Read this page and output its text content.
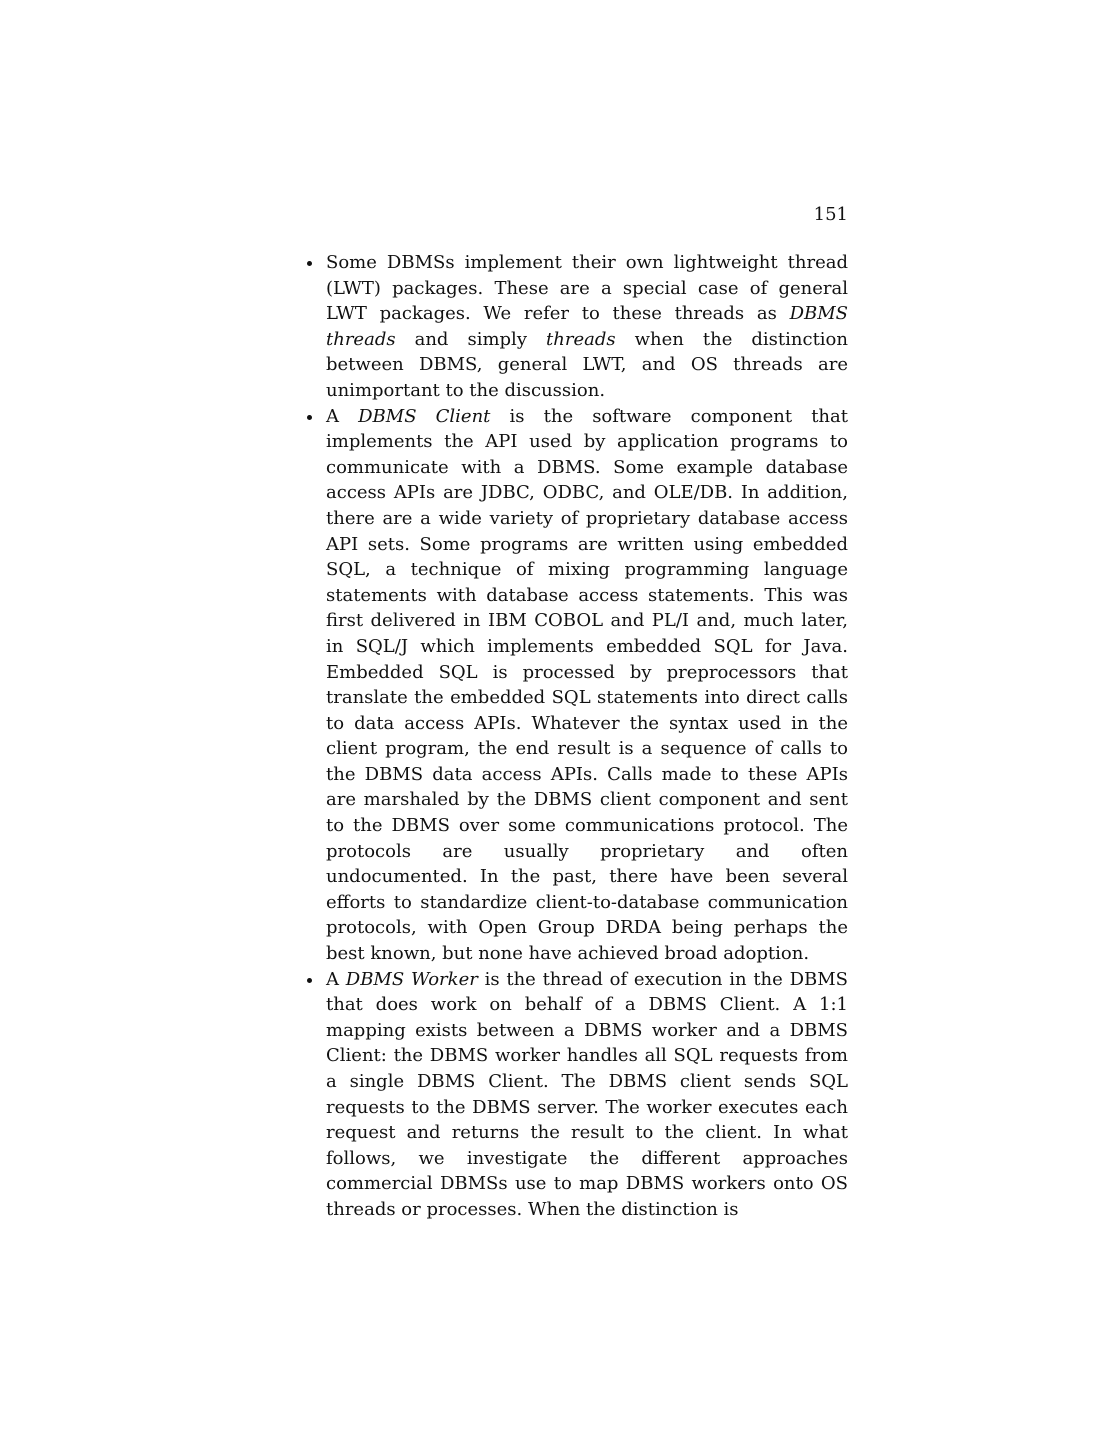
151
• Some DBMSs implement their own lightweight thread (LWT) packages. These are a special case of general LWT packages. We refer to these threads as DBMS threads and simply threads when the distinction between DBMS, general LWT, and OS threads are unimportant to the discussion.
• A DBMS Client is the software component that implements the API used by application programs to communicate with a DBMS. Some example database access APIs are JDBC, ODBC, and OLE/DB. In addition, there are a wide variety of proprietary database access API sets. Some programs are written using embedded SQL, a technique of mixing programming language statements with database access statements. This was first delivered in IBM COBOL and PL/I and, much later, in SQL/J which implements embedded SQL for Java. Embedded SQL is processed by preprocessors that translate the embedded SQL statements into direct calls to data access APIs. Whatever the syntax used in the client program, the end result is a sequence of calls to the DBMS data access APIs. Calls made to these APIs are marshaled by the DBMS client component and sent to the DBMS over some communications protocol. The protocols are usually proprietary and often undocumented. In the past, there have been several efforts to standardize client-to-database communication protocols, with Open Group DRDA being perhaps the best known, but none have achieved broad adoption.
• A DBMS Worker is the thread of execution in the DBMS that does work on behalf of a DBMS Client. A 1:1 mapping exists between a DBMS worker and a DBMS Client: the DBMS worker handles all SQL requests from a single DBMS Client. The DBMS client sends SQL requests to the DBMS server. The worker executes each request and returns the result to the client. In what follows, we investigate the different approaches commercial DBMSs use to map DBMS workers onto OS threads or processes. When the distinction is
